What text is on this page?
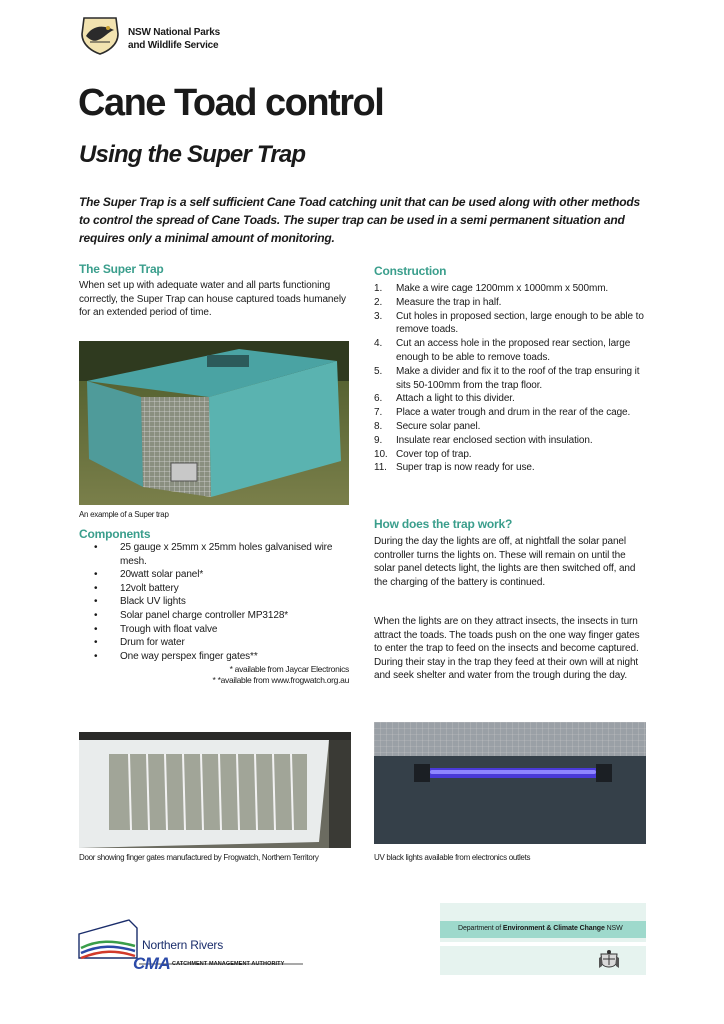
NSW National Parks
and Wildlife Service
Cane Toad control
Using the Super Trap
The Super Trap is a self sufficient Cane Toad catching unit that can be used along with other methods to control the spread of Cane Toads. The super trap can be used in a semi permanent situation and requires only a minimal amount of monitoring.
The Super Trap
When set up with adequate water and all parts functioning correctly, the Super Trap can house captured toads humanely for an extended period of time.
An example of a Super trap
Components
• 25 gauge x 25mm x 25mm holes galvanised wire mesh.
• 20watt solar panel*
• 12volt battery
• Black UV lights
• Solar panel charge controller MP3128*
• Trough with float valve
• Drum for water
• One way perspex finger gates**
* available from Jaycar Electronics
* *available from www.frogwatch.org.au
Construction
1.	Make a wire cage 1200mm x 1000mm x 500mm.
2.	Measure the trap in half.
3.	Cut holes in proposed section, large enough to be able to remove toads.
4.	Cut an access hole in the proposed rear section, large enough to be able to remove toads.
5.	Make a divider and fix it to the roof of the trap ensuring it sits 50-100mm from the trap floor.
6.	Attach a light to this divider.
7.	Place a water trough and drum in the rear of the cage.
8.	Secure solar panel.
9.	Insulate rear enclosed section with insulation.
10. Cover top of trap.
11. Super trap is now ready for use.
How does the trap work?
During the day the lights are off, at nightfall the solar panel controller turns the lights on. These will remain on until the solar panel detects light, the lights are then switched off, and the charging of the battery is continued.
When the lights are on they attract insects, the insects in turn attract the toads. The toads push on the one way finger gates to enter the trap to feed on the insects and become captured. During their stay in the trap they feed at their own will at night and seek shelter and water from the trough during the day.
Door showing finger gates manufactured by Frogwatch, Northern Territory	UV black lights available from electronics outlets
Northern Rivers
CMA CATCHMENT MANAGEMENT AUTHORITY
Department of Environment & Climate Change NSW
